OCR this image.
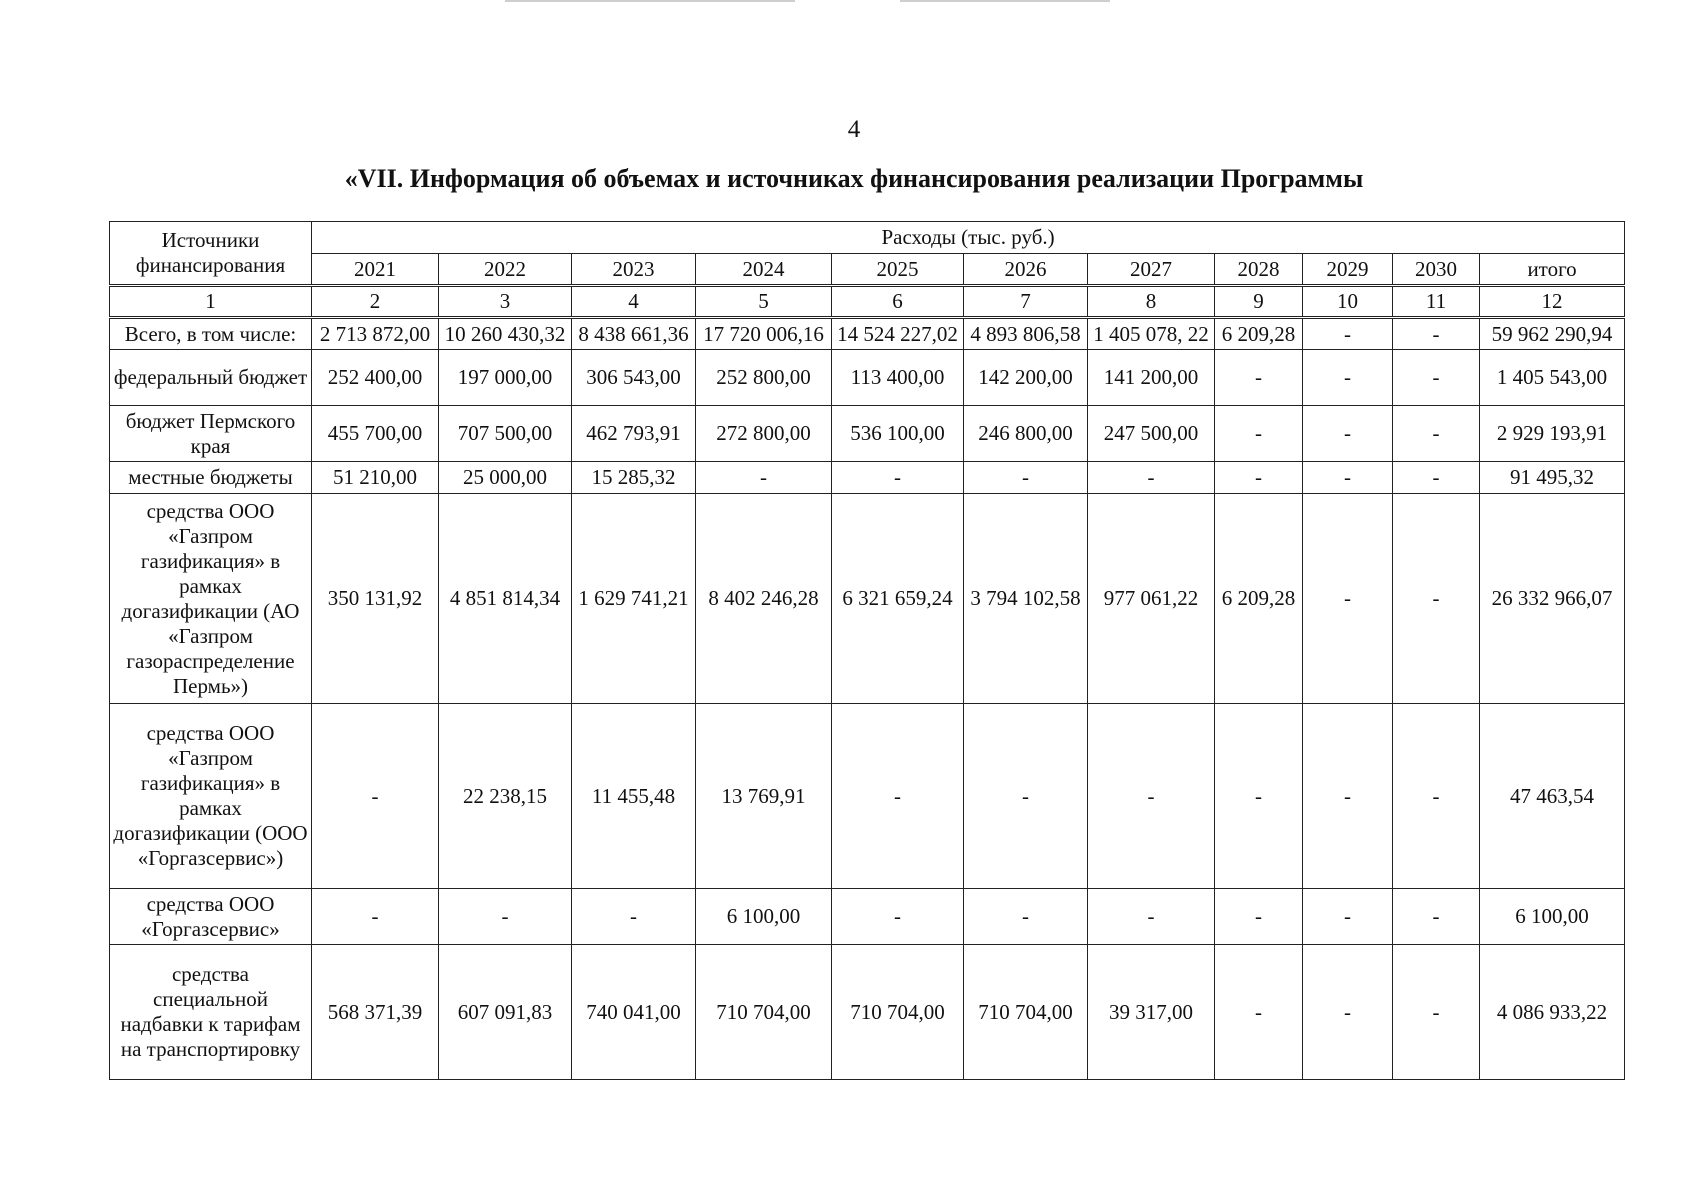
4
«VII. Информация об объемах и источниках финансирования реализации Программы
Источники финансирования	Расходы (тыс. руб.)										
	2021	2022	2023	2024	2025	2026	2027	2028	2029	2030	итого
1	2	3	4	5	6	7	8	9	10	11	12
Всего, в том числе:	2 713 872,00	10 260 430,32	8 438 661,36	17 720 006,16	14 524 227,02	4 893 806,58	1 405 078, 22	6 209,28	-	-	59 962 290,94
федеральный бюджет	252 400,00	197 000,00	306 543,00	252 800,00	113 400,00	142 200,00	141 200,00	-	-	-	1 405 543,00
бюджет Пермского края	455 700,00	707 500,00	462 793,91	272 800,00	536 100,00	246 800,00	247 500,00	-	-	-	2 929 193,91
местные бюджеты	51 210,00	25 000,00	15 285,32	-	-	-	-	-	-	-	91 495,32
средства ООО «Газпром газификация» в рамках догазификации (АО «Газпром газораспределение Пермь»)	350 131,92	4 851 814,34	1 629 741,21	8 402 246,28	6 321 659,24	3 794 102,58	977 061,22	6 209,28	-	-	26 332 966,07
средства ООО «Газпром газификация» в рамках догазификации (ООО «Горгазсервис»)	-	22 238,15	11 455,48	13 769,91	-	-	-	-	-	-	47 463,54
средства ООО «Горгазсервис»	-	-	-	6 100,00	-	-	-	-	-	-	6 100,00
средства специальной надбавки к тарифам на транспортировку	568 371,39	607 091,83	740 041,00	710 704,00	710 704,00	710 704,00	39 317,00	-	-	-	4 086 933,22
